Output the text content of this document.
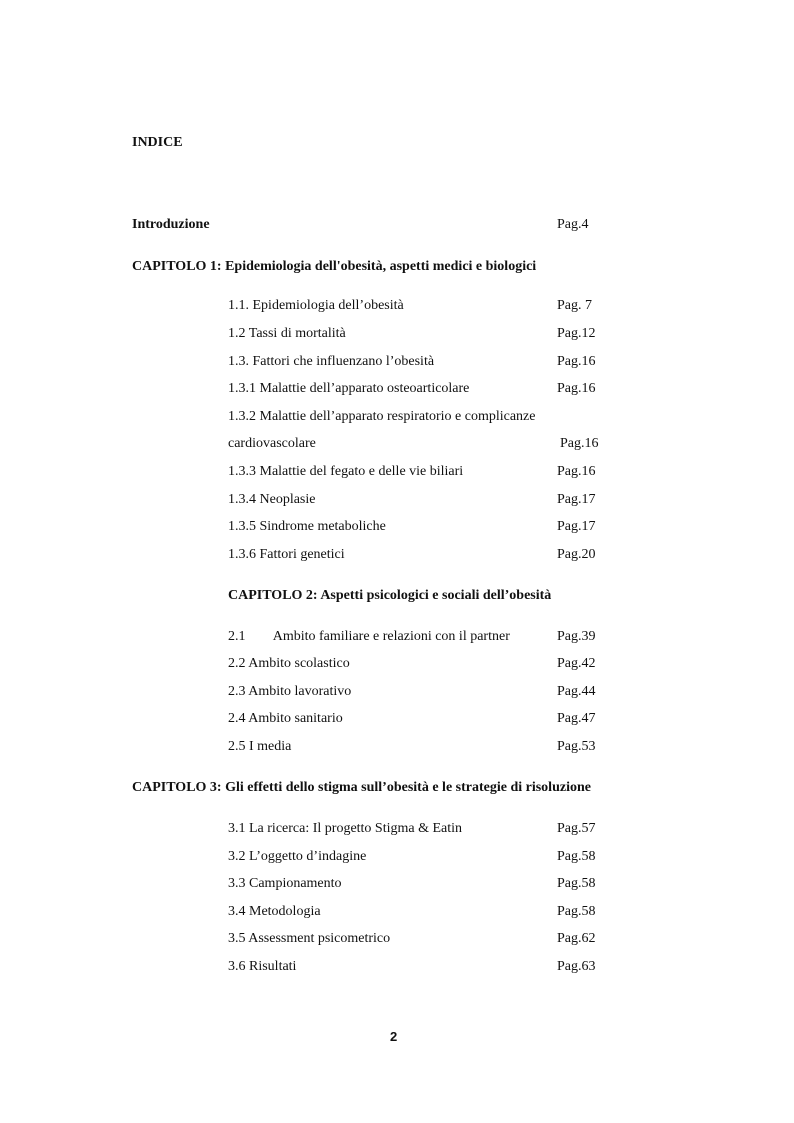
INDICE
Introduzione	Pag.4
CAPITOLO 1: Epidemiologia dell'obesità, aspetti medici e biologici
1.1. Epidemiologia dell’obesità	Pag. 7
1.2 Tassi di mortalità	Pag.12
1.3. Fattori che influenzano l’obesità	Pag.16
1.3.1 Malattie dell’apparato osteoarticolare	Pag.16
1.3.2 Malattie dell’apparato respiratorio e complicanze
cardiovascolare	Pag.16
1.3.3 Malattie del fegato e delle vie biliari	Pag.16
1.3.4 Neoplasie	Pag.17
1.3.5 Sindrome metaboliche	Pag.17
1.3.6 Fattori genetici	Pag.20
CAPITOLO 2: Aspetti psicologici e sociali dell’obesità
2.1        Ambito familiare e relazioni con il partner	Pag.39
2.2 Ambito scolastico	Pag.42
2.3 Ambito lavorativo	Pag.44
2.4 Ambito sanitario	Pag.47
2.5 I media	Pag.53
CAPITOLO 3: Gli effetti dello stigma sull’obesità e le strategie di risoluzione
3.1 La ricerca: Il progetto Stigma & Eatin	Pag.57
3.2 L’oggetto d’indagine	Pag.58
3.3 Campionamento	Pag.58
3.4 Metodologia	Pag.58
3.5 Assessment psicometrico	Pag.62
3.6 Risultati	Pag.63
2
